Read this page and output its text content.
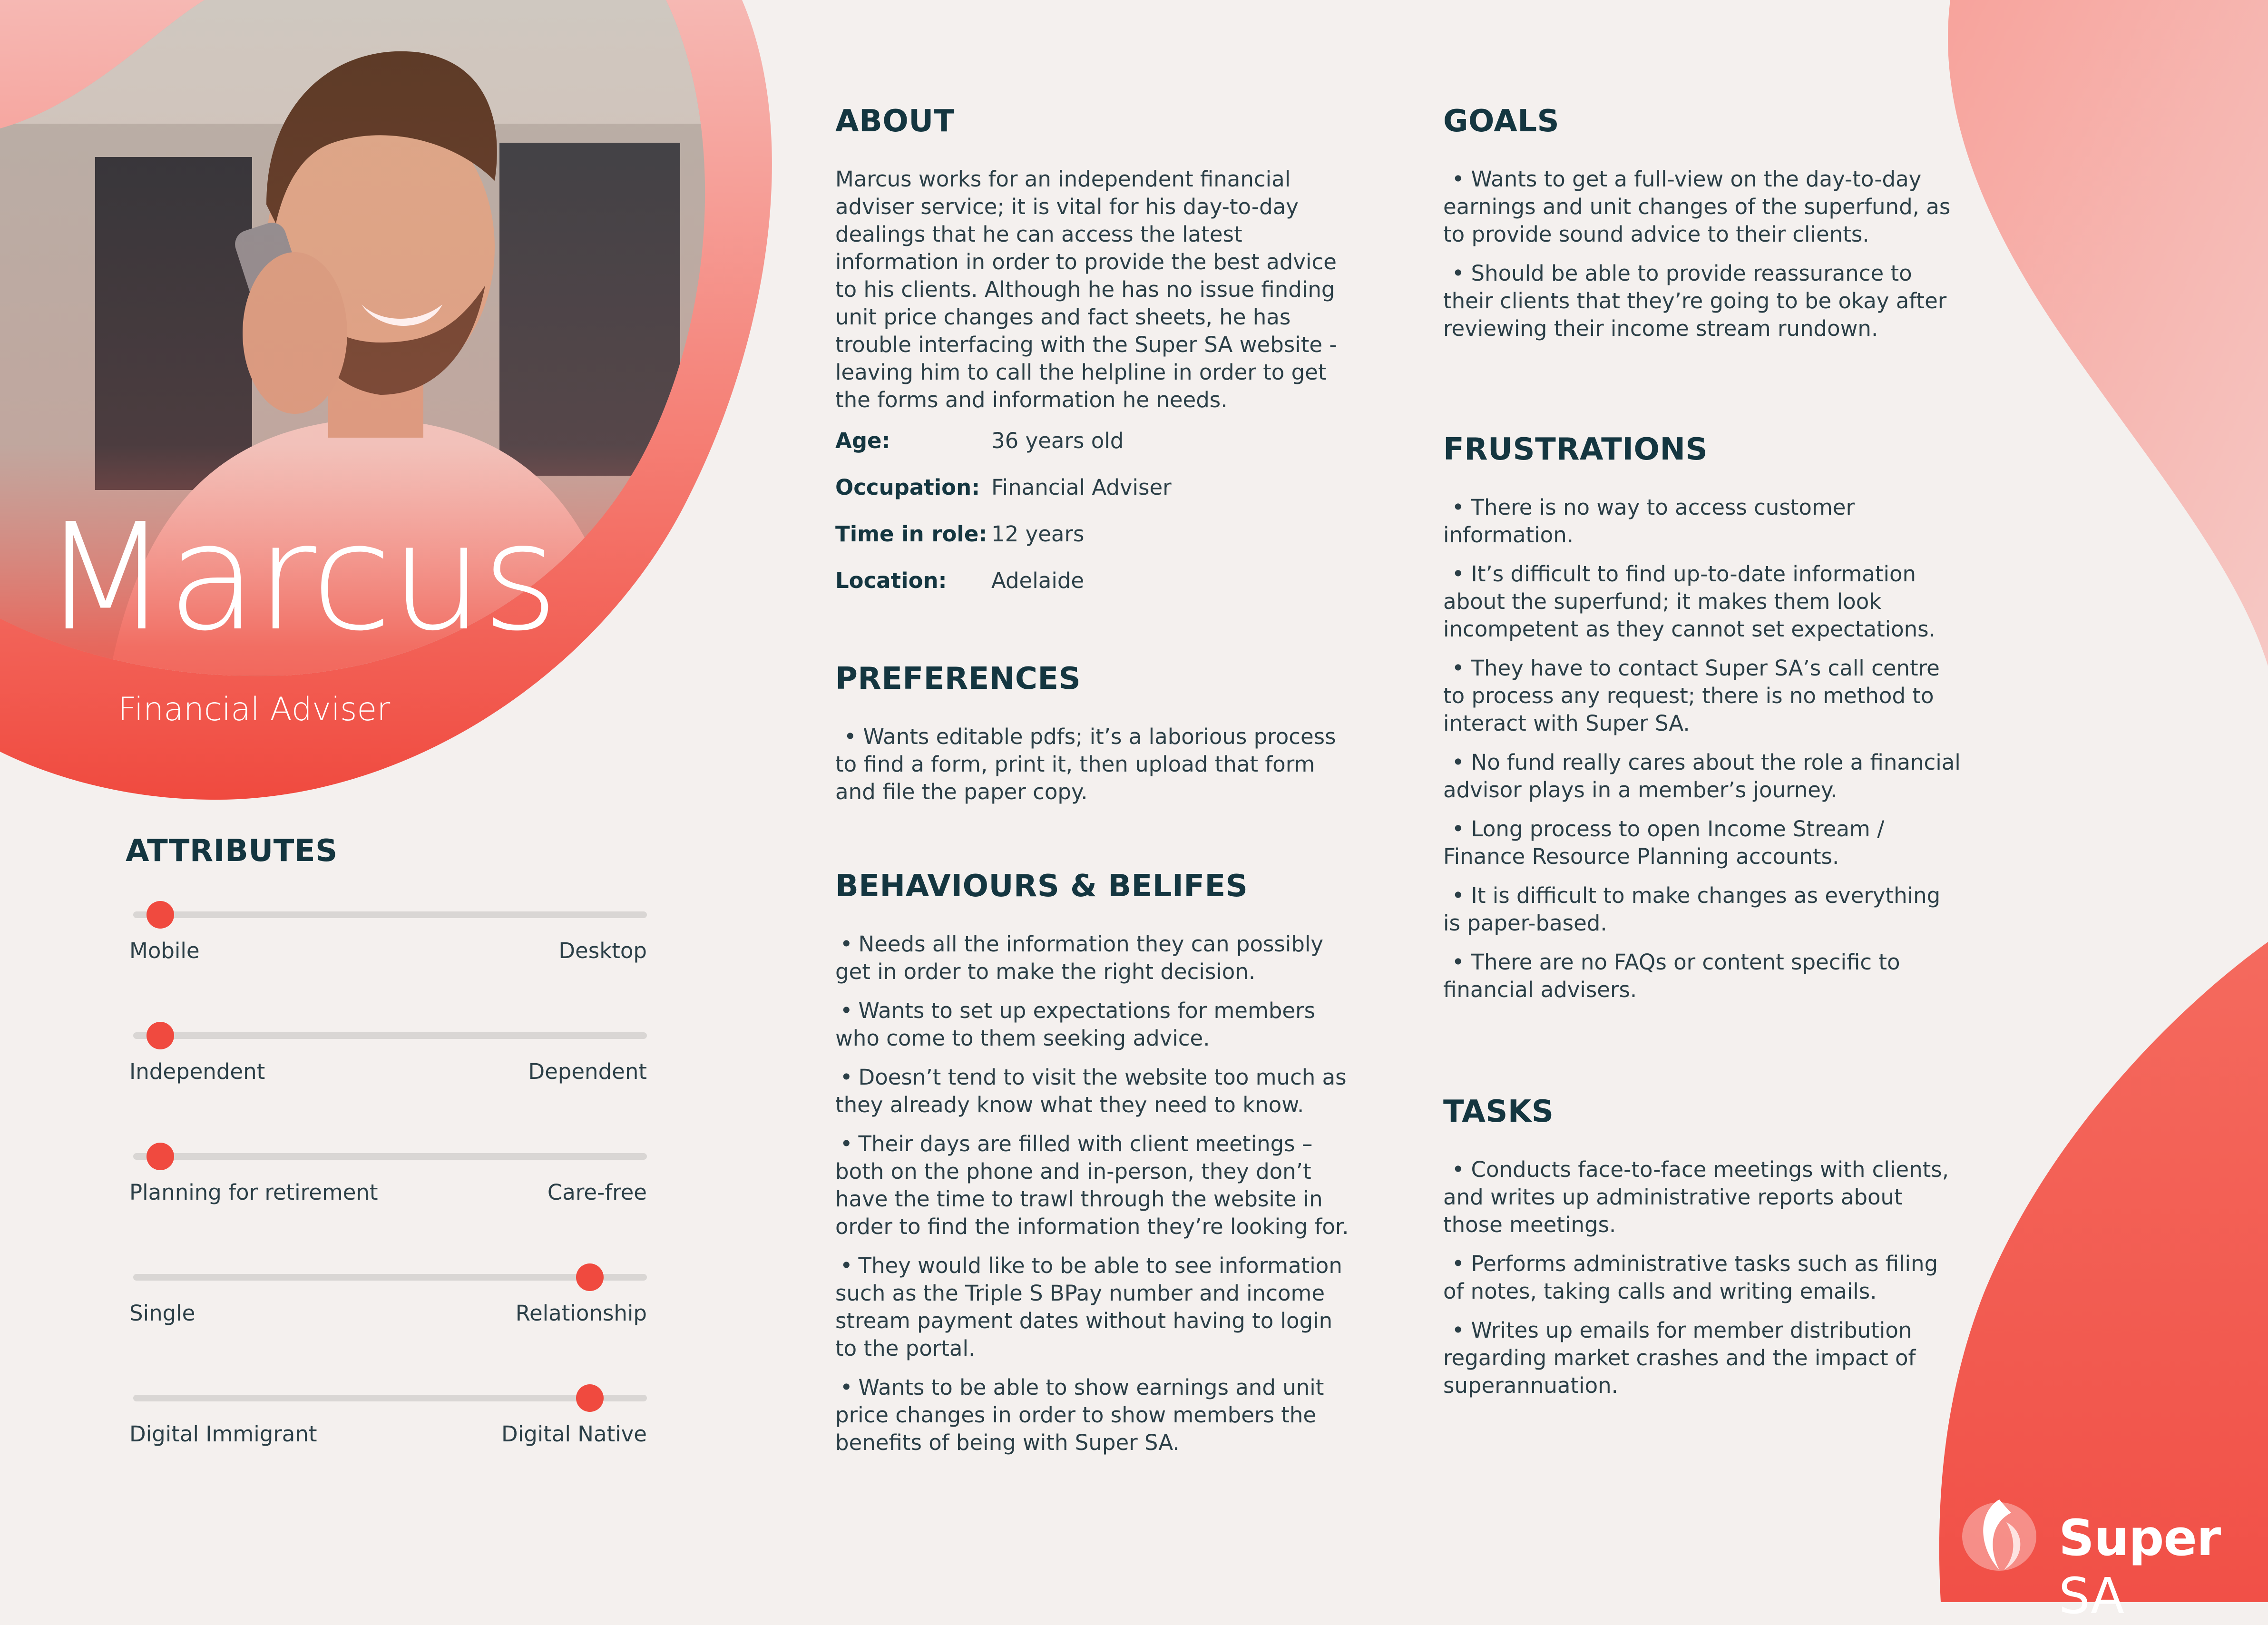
Marcus
Financial Adviser
ATTRIBUTES
Mobile	Desktop
Independent	Dependent
Planning for retirement	Care-free
Single	Relationship
Digital Immigrant	Digital Native
ABOUT
Marcus works for an independent financial
adviser service; it is vital for his day-to-day
dealings that he can access the latest
information in order to provide the best advice
to his clients. Although he has no issue finding
unit price changes and fact sheets, he has
trouble interfacing with the Super SA website -
leaving him to call the helpline in order to get
the forms and information he needs.
Age:	36 years old
Occupation: Financial Adviser
Time in role: 12 years
Location:	Adelaide
PREFERENCES
• Wants editable pdfs; it’s a laborious process
to find a form, print it, then upload that form
and file the paper copy.
BEHAVIOURS & BELIFES
• Needs all the information they can possibly
get in order to make the right decision.
• Wants to set up expectations for members
who come to them seeking advice.
• Doesn’t tend to visit the website too much as
they already know what they need to know.
• Their days are filled with client meetings –
both on the phone and in-person, they don’t
have the time to trawl through the website in
order to find the information they’re looking for.
• They would like to be able to see information
such as the Triple S BPay number and income
stream payment dates without having to login
to the portal.
• Wants to be able to show earnings and unit
price changes in order to show members the
benefits of being with Super SA.
GOALS
• Wants to get a full-view on the day-to-day
earnings and unit changes of the superfund, as
to provide sound advice to their clients.
• Should be able to provide reassurance to
their clients that they’re going to be okay after
reviewing their income stream rundown.
FRUSTRATIONS
• There is no way to access customer
information.
• It’s difficult to find up-to-date information
about the superfund; it makes them look
incompetent as they cannot set expectations.
• They have to contact Super SA’s call centre
to process any request; there is no method to
interact with Super SA.
• No fund really cares about the role a financial
advisor plays in a member’s journey.
• Long process to open Income Stream /
Finance Resource Planning accounts.
• It is difficult to make changes as everything
is paper-based.
• There are no FAQs or content specific to
financial advisers.
TASKS
• Conducts face-to-face meetings with clients,
and writes up administrative reports about
those meetings.
• Performs administrative tasks such as filing
of notes, taking calls and writing emails.
• Writes up emails for member distribution
regarding market crashes and the impact of
superannuation.
Super SA
